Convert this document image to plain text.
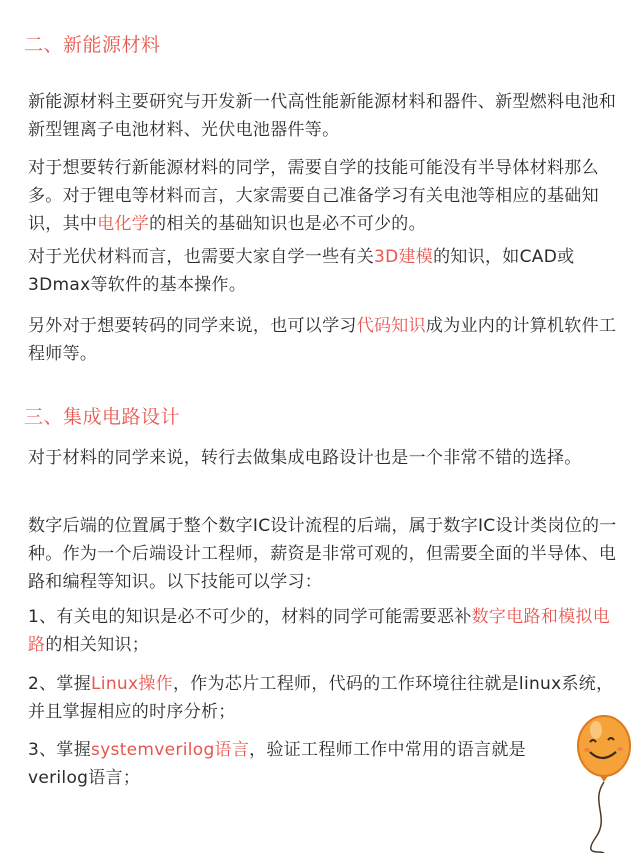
二、新能源材料
新能源材料主要研究与开发新一代高性能新能源材料和器件、新型燃料电池和新型锂离子电池材料、光伏电池器件等。
对于想要转行新能源材料的同学，需要自学的技能可能没有半导体材料那么多。对于锂电等材料而言，大家需要自己准备学习有关电池等相应的基础知识，其中电化学的相关的基础知识也是必不可少的。
对于光伏材料而言，也需要大家自学一些有关3D建模的知识，如CAD或3Dmax等软件的基本操作。
另外对于想要转码的同学来说，也可以学习代码知识成为业内的计算机软件工程师等。
三、集成电路设计
对于材料的同学来说，转行去做集成电路设计也是一个非常不错的选择。
数字后端的位置属于整个数字IC设计流程的后端，属于数字IC设计类岗位的一种。作为一个后端设计工程师，薪资是非常可观的，但需要全面的半导体、电路和编程等知识。以下技能可以学习：
1、有关电的知识是必不可少的，材料的同学可能需要恶补数字电路和模拟电路的相关知识；
2、掌握Linux操作，作为芯片工程师，代码的工作环境往往就是linux系统，并且掌握相应的时序分析；
3、掌握systemverilog语言，验证工程师工作中常用的语言就是verilog语言；
